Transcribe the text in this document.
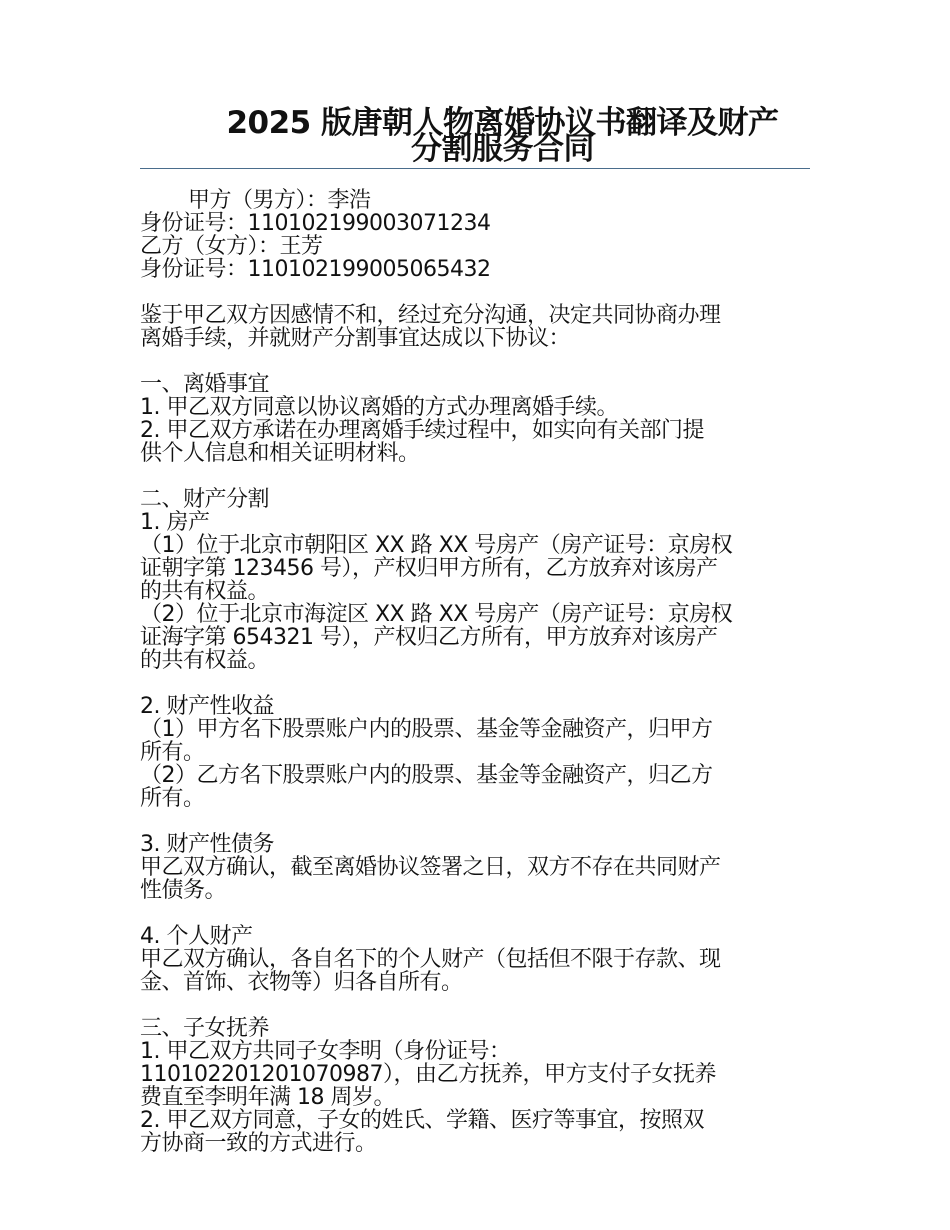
2025 版唐朝人物离婚协议书翻译及财产
分割服务合同
甲方（男方）：李浩
身份证号：110102199003071234
乙方（女方）：王芳
身份证号：110102199005065432
鉴于甲乙双方因感情不和，经过充分沟通，决定共同协商办理
离婚手续，并就财产分割事宜达成以下协议：
一、离婚事宜
1. 甲乙双方同意以协议离婚的方式办理离婚手续。
2. 甲乙双方承诺在办理离婚手续过程中，如实向有关部门提
供个人信息和相关证明材料。
二、财产分割
1. 房产
（1）位于北京市朝阳区 XX 路 XX 号房产（房产证号：京房权
证朝字第 123456 号），产权归甲方所有，乙方放弃对该房产
的共有权益。
（2）位于北京市海淀区 XX 路 XX 号房产（房产证号：京房权
证海字第 654321 号），产权归乙方所有，甲方放弃对该房产
的共有权益。
2. 财产性收益
（1）甲方名下股票账户内的股票、基金等金融资产，归甲方
所有。
（2）乙方名下股票账户内的股票、基金等金融资产，归乙方
所有。
3. 财产性债务
甲乙双方确认，截至离婚协议签署之日，双方不存在共同财产
性债务。
4. 个人财产
甲乙双方确认，各自名下的个人财产（包括但不限于存款、现
金、首饰、衣物等）归各自所有。
三、子女抚养
1. 甲乙双方共同子女李明（身份证号：
110102201201070987），由乙方抚养，甲方支付子女抚养
费直至李明年满 18 周岁。
2. 甲乙双方同意，子女的姓氏、学籍、医疗等事宜，按照双
方协商一致的方式进行。
